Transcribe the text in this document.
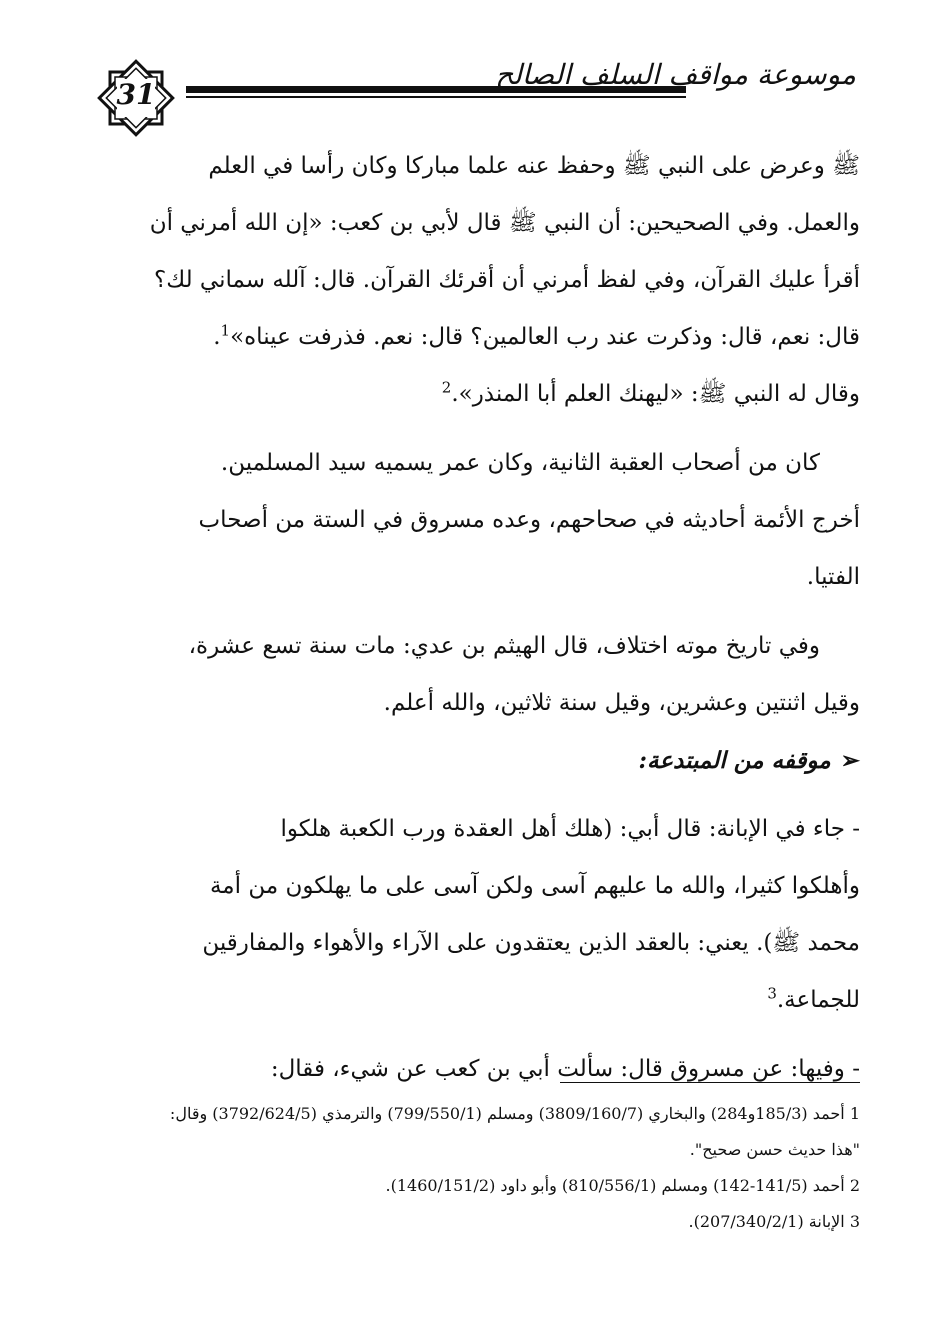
31
موسوعة مواقف السلف الصالح

ﷺ وعرض على النبي ﷺ وحفظ عنه علما مباركا وكان رأسا في العلم

والعمل. وفي الصحيحين: أن النبي ﷺ قال لأبي بن كعب: «إن الله أمرني أن

أقرأ عليك القرآن، وفي لفظ أمرني أن أقرئك القرآن. قال: آلله سماني لك؟

قال: نعم، قال: وذكرت عند رب العالمين؟ قال: نعم. فذرفت عيناه»$^1$.

وقال له النبي ﷺ: «ليهنك العلم أبا المنذر».$^2$

كان من أصحاب العقبة الثانية، وكان عمر يسميه سيد المسلمين.

أخرج الأئمة أحاديثه في صحاحهم، وعده مسروق في الستة من أصحاب

الفتيا.

وفي تاريخ موته اختلاف، قال الهيثم بن عدي: مات سنة تسع عشرة،

وقيل اثنتين وعشرين، وقيل سنة ثلاثين، والله أعلم.

➢موقفه من المبتدعة:

- جاء في الإبانة: قال أبي: (هلك أهل العقدة ورب الكعبة هلكوا

وأهلكوا كثيرا، والله ما عليهم آسى ولكن آسى على ما يهلكون من أمة

محمد ﷺ). يعني: بالعقد الذين يعتقدون على الآراء والأهواء والمفارقين

للجماعة.$^3$

- وفيها: عن مسروق قال: سألت أبي بن كعب عن شيء، فقال:

1 أحمد (185/3و284) والبخاري (3809/160/7) ومسلم (799/550/1) والترمذي (3792/624/5) وقال:

"هذا حديث حسن صحيح".

2 أحمد (141/5-142) ومسلم (810/556/1) وأبو داود (1460/151/2).

3 الإبانة (207/340/2/1).
